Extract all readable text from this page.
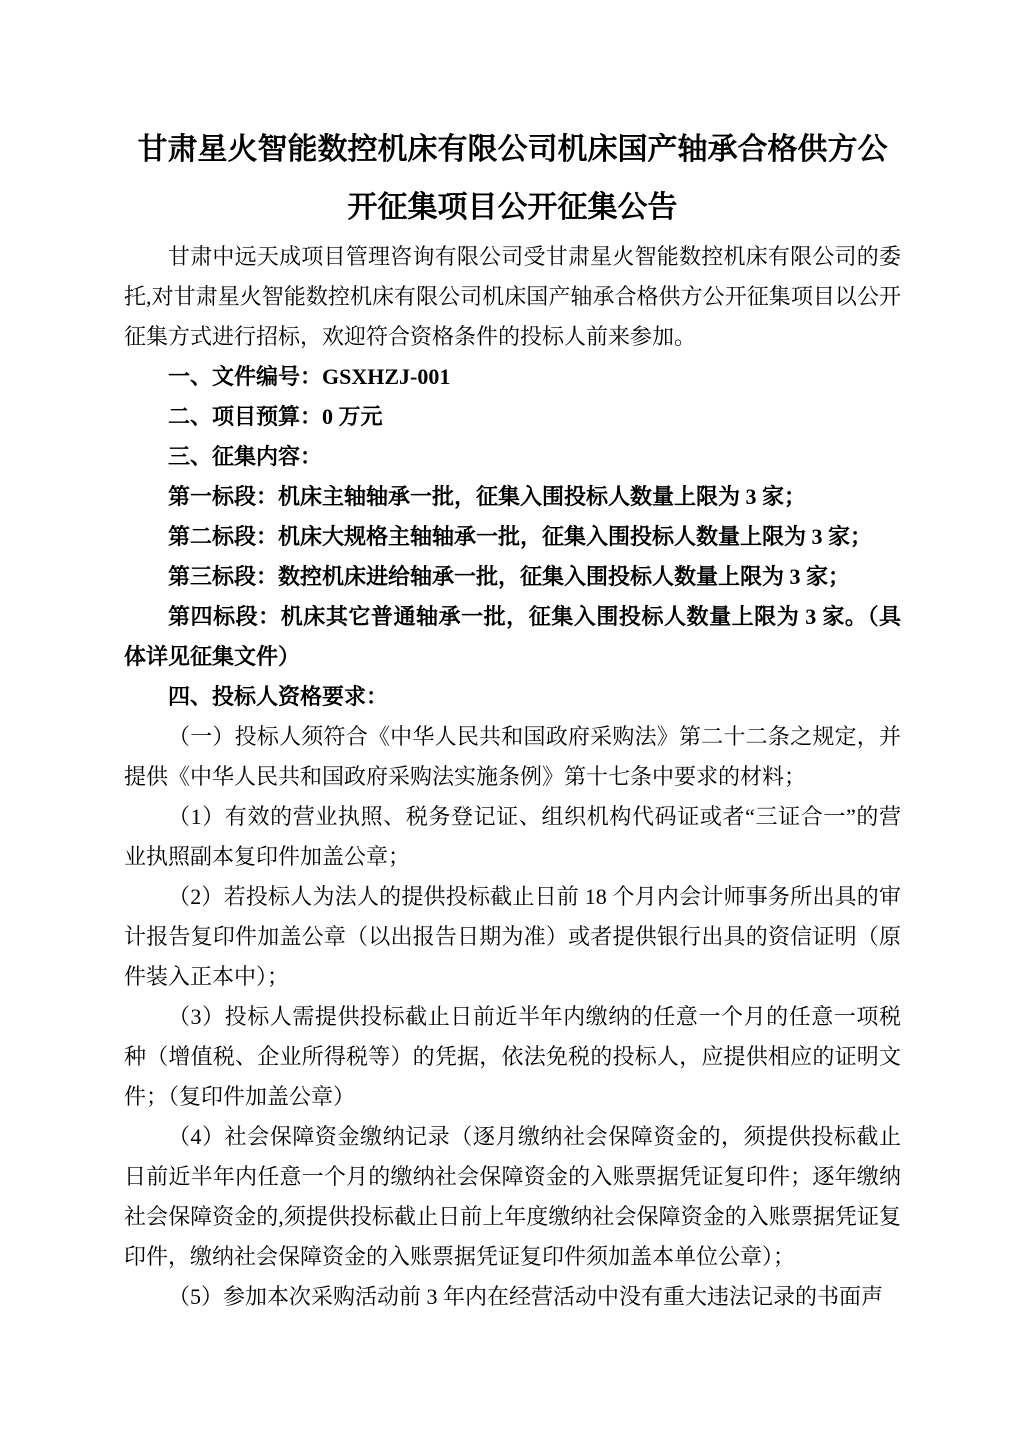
甘肃星火智能数控机床有限公司机床国产轴承合格供方公
开征集项目公开征集公告

甘肃中远天成项目管理咨询有限公司受甘肃星火智能数控机床有限公司的委托,对甘肃星火智能数控机床有限公司机床国产轴承合格供方公开征集项目以公开征集方式进行招标，欢迎符合资格条件的投标人前来参加。

一、文件编号：GSXHZJ-001

二、项目预算：0 万元

三、征集内容：

第一标段：机床主轴轴承一批，征集入围投标人数量上限为 3 家；

第二标段：机床大规格主轴轴承一批，征集入围投标人数量上限为 3 家；

第三标段：数控机床进给轴承一批，征集入围投标人数量上限为 3 家；

第四标段：机床其它普通轴承一批，征集入围投标人数量上限为 3 家。（具体详见征集文件）

四、投标人资格要求：

（一）投标人须符合《中华人民共和国政府采购法》第二十二条之规定，并提供《中华人民共和国政府采购法实施条例》第十七条中要求的材料；

（1）有效的营业执照、税务登记证、组织机构代码证或者“三证合一”的营业执照副本复印件加盖公章；

（2）若投标人为法人的提供投标截止日前 18 个月内会计师事务所出具的审计报告复印件加盖公章（以出报告日期为准）或者提供银行出具的资信证明（原件装入正本中）；

（3）投标人需提供投标截止日前近半年内缴纳的任意一个月的任意一项税种（增值税、企业所得税等）的凭据，依法免税的投标人，应提供相应的证明文件；（复印件加盖公章）

（4）社会保障资金缴纳记录（逐月缴纳社会保障资金的，须提供投标截止日前近半年内任意一个月的缴纳社会保障资金的入账票据凭证复印件；逐年缴纳社会保障资金的,须提供投标截止日前上年度缴纳社会保障资金的入账票据凭证复印件，缴纳社会保障资金的入账票据凭证复印件须加盖本单位公章）；

（5）参加本次采购活动前 3 年内在经营活动中没有重大违法记录的书面声
